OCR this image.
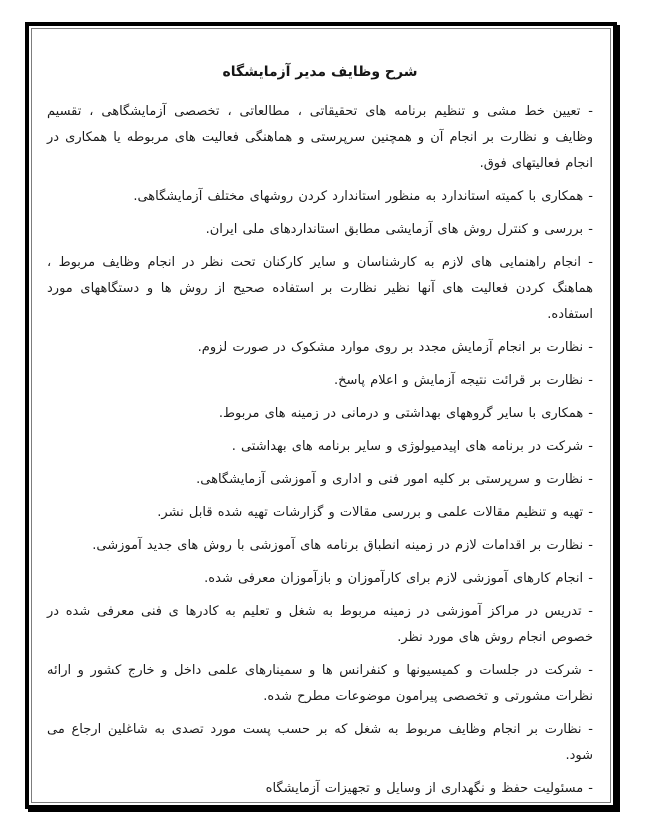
شرح وظایف مدیر آزمایشگاه

- تعیین خط مشی و تنظیم برنامه های تحقیقاتی ، مطالعاتی ، تخصصی آزمایشگاهی ، تقسیم وظایف و نظارت بر انجام آن و همچنین سرپرستی و هماهنگی فعالیت های مربوطه یا همکاری در انجام فعالیتهای فوق.

- همکاری با کمیته استاندارد به منظور استاندارد کردن روشهای مختلف آزمایشگاهی.

- بررسی و کنترل روش های آزمایشی مطابق استانداردهای ملی ایران.

- انجام راهنمایی های لازم به کارشناسان و سایر کارکنان تحت نظر در انجام وظایف مربوط ، هماهنگ کردن فعالیت های آنها نظیر نظارت بر استفاده صحیح از روش ها و دستگاههای مورد استفاده.

- نظارت بر انجام آزمایش مجدد بر روی موارد مشکوک در صورت لزوم.

- نظارت بر قرائت نتیجه آزمایش و اعلام پاسخ.

- همکاری با سایر گروههای بهداشتی و درمانی در زمینه های مربوط.

- شرکت در برنامه های اپیدمیولوژی و سایر برنامه های بهداشتی .

- نظارت و سرپرستی بر کلیه امور فنی و اداری و آموزشی آزمایشگاهی.

- تهیه و تنظیم مقالات علمی و بررسی مقالات و گزارشات تهیه شده قابل نشر.

- نظارت بر اقدامات لازم در زمینه انطباق برنامه های آموزشی با روش های جدید آموزشی.

- انجام کارهای آموزشی لازم برای کارآموزان و بازآموزان معرفی شده.

- تدریس در مراکز آموزشی در زمینه مربوط به شغل و تعلیم به کادرها ی فنی معرفی شده در خصوص انجام روش های مورد نظر.

- شرکت در جلسات و کمیسیونها و کنفرانس ها و سمینارهای علمی داخل و خارج کشور و ارائه نظرات مشورتی و تخصصی پیرامون موضوعات مطرح شده.

- نظارت بر انجام وظایف مربوط به شغل که بر حسب پست مورد تصدی به شاغلین ارجاع می شود.

- مسئولیت حفظ و نگهداری از وسایل و تجهیزات آزمایشگاه
